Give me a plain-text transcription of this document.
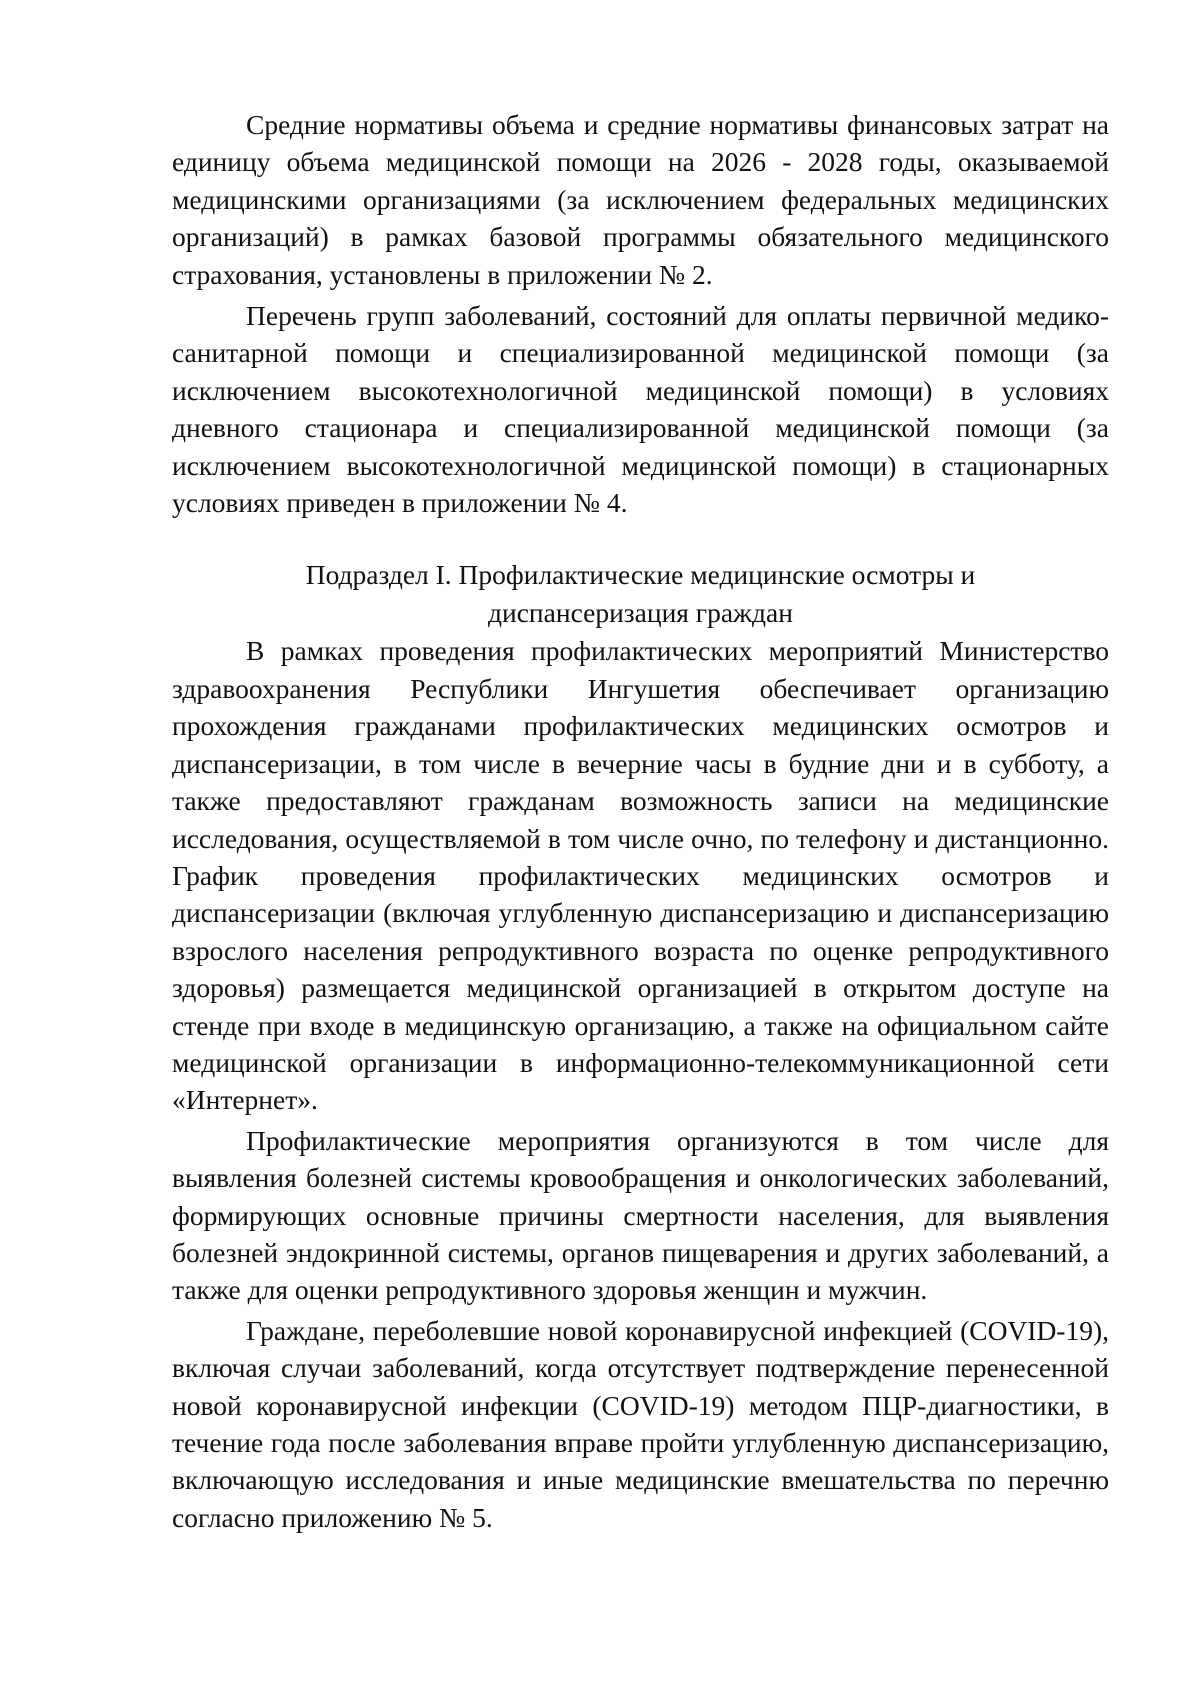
Средние нормативы объема и средние нормативы финансовых затрат на единицу объема медицинской помощи на 2026 - 2028 годы, оказываемой медицинскими организациями (за исключением федеральных медицинских организаций) в рамках базовой программы обязательного медицинского страхования, установлены в приложении № 2.

Перечень групп заболеваний, состояний для оплаты первичной медико-санитарной помощи и специализированной медицинской помощи (за исключением высокотехнологичной медицинской помощи) в условиях дневного стационара и специализированной медицинской помощи (за исключением высокотехнологичной медицинской помощи) в стационарных условиях приведен в приложении № 4.

Подраздел I. Профилактические медицинские осмотры и
диспансеризация граждан

В рамках проведения профилактических мероприятий Министерство здравоохранения Республики Ингушетия обеспечивает организацию прохождения гражданами профилактических медицинских осмотров и диспансеризации, в том числе в вечерние часы в будние дни и в субботу, а также предоставляют гражданам возможность записи на медицинские исследования, осуществляемой в том числе очно, по телефону и дистанционно. График проведения профилактических медицинских осмотров и диспансеризации (включая углубленную диспансеризацию и диспансеризацию взрослого населения репродуктивного возраста по оценке репродуктивного здоровья) размещается медицинской организацией в открытом доступе на стенде при входе в медицинскую организацию, а также на официальном сайте медицинской организации в информационно-телекоммуникационной сети «Интернет».

Профилактические мероприятия организуются в том числе для выявления болезней системы кровообращения и онкологических заболеваний, формирующих основные причины смертности населения, для выявления болезней эндокринной системы, органов пищеварения и других заболеваний, а также для оценки репродуктивного здоровья женщин и мужчин.

Граждане, переболевшие новой коронавирусной инфекцией (COVID-19), включая случаи заболеваний, когда отсутствует подтверждение перенесенной новой коронавирусной инфекции (COVID-19) методом ПЦР-диагностики, в течение года после заболевания вправе пройти углубленную диспансеризацию, включающую исследования и иные медицинские вмешательства по перечню согласно приложению № 5.
